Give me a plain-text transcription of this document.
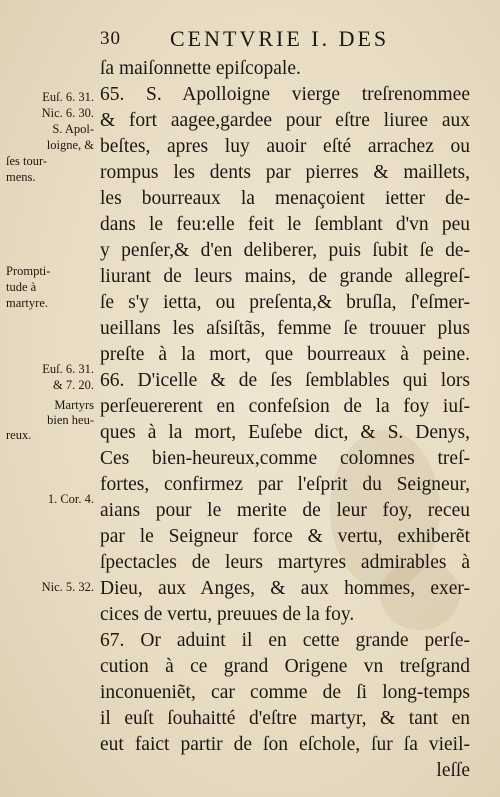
30 CENTVRIE I. DES
ſa maiſonnette epiſcopale.
65. S. Apolloigne vierge treſrenommee
& fort aagee,gardee pour eſtre liuree aux
beſtes, apres luy auoir eſté arrachez ou
rompus les dents par pierres & maillets,
les bourreaux la menaçoient ietter de-
dans le feu:elle feit le ſemblant d'vn peu
y penſer,& d'en deliberer, puis ſubit ſe de-
liurant de leurs mains, de grande allegreſ-
ſe s'y ietta, ou preſenta,& bruſla, ſ'eſmer-
ueillans les aſsiſtãs, femme ſe trouuer plus
preſte à la mort, que bourreaux à peine.
66. D'icelle & de ſes ſemblables qui lors
perſeuererent en confeſsion de la foy iuſ-
ques à la mort, Euſebe dict, & S. Denys,
Ces bien-heureux,comme colomnes treſ-
fortes, confirmez par l'eſprit du Seigneur,
aians pour le merite de leur foy, receu
par le Seigneur force & vertu, exhiberẽt
ſpectacles de leurs martyres admirables à
Dieu, aux Anges, & aux hommes, exer-
cices de vertu, preuues de la foy.
67. Or aduint il en cette grande perſe-
cution à ce grand Origene vn treſgrand
inconueniẽt, car comme de ſi long-temps
il euſt ſouhaitté d'eſtre martyr, & tant en
eut faict partir de ſon eſchole, ſur ſa vieil-
leſſe
Euſ. 6. 31.
Nic. 6. 30.
S. Apol-
loigne, &
ſes tour-
mens.
Prompti-
tude à
martyre.
Euſ. 6. 31.
& 7. 20.
Martyrs
bien heu-
reux.
1. Cor. 4.
Nic. 5. 32.
